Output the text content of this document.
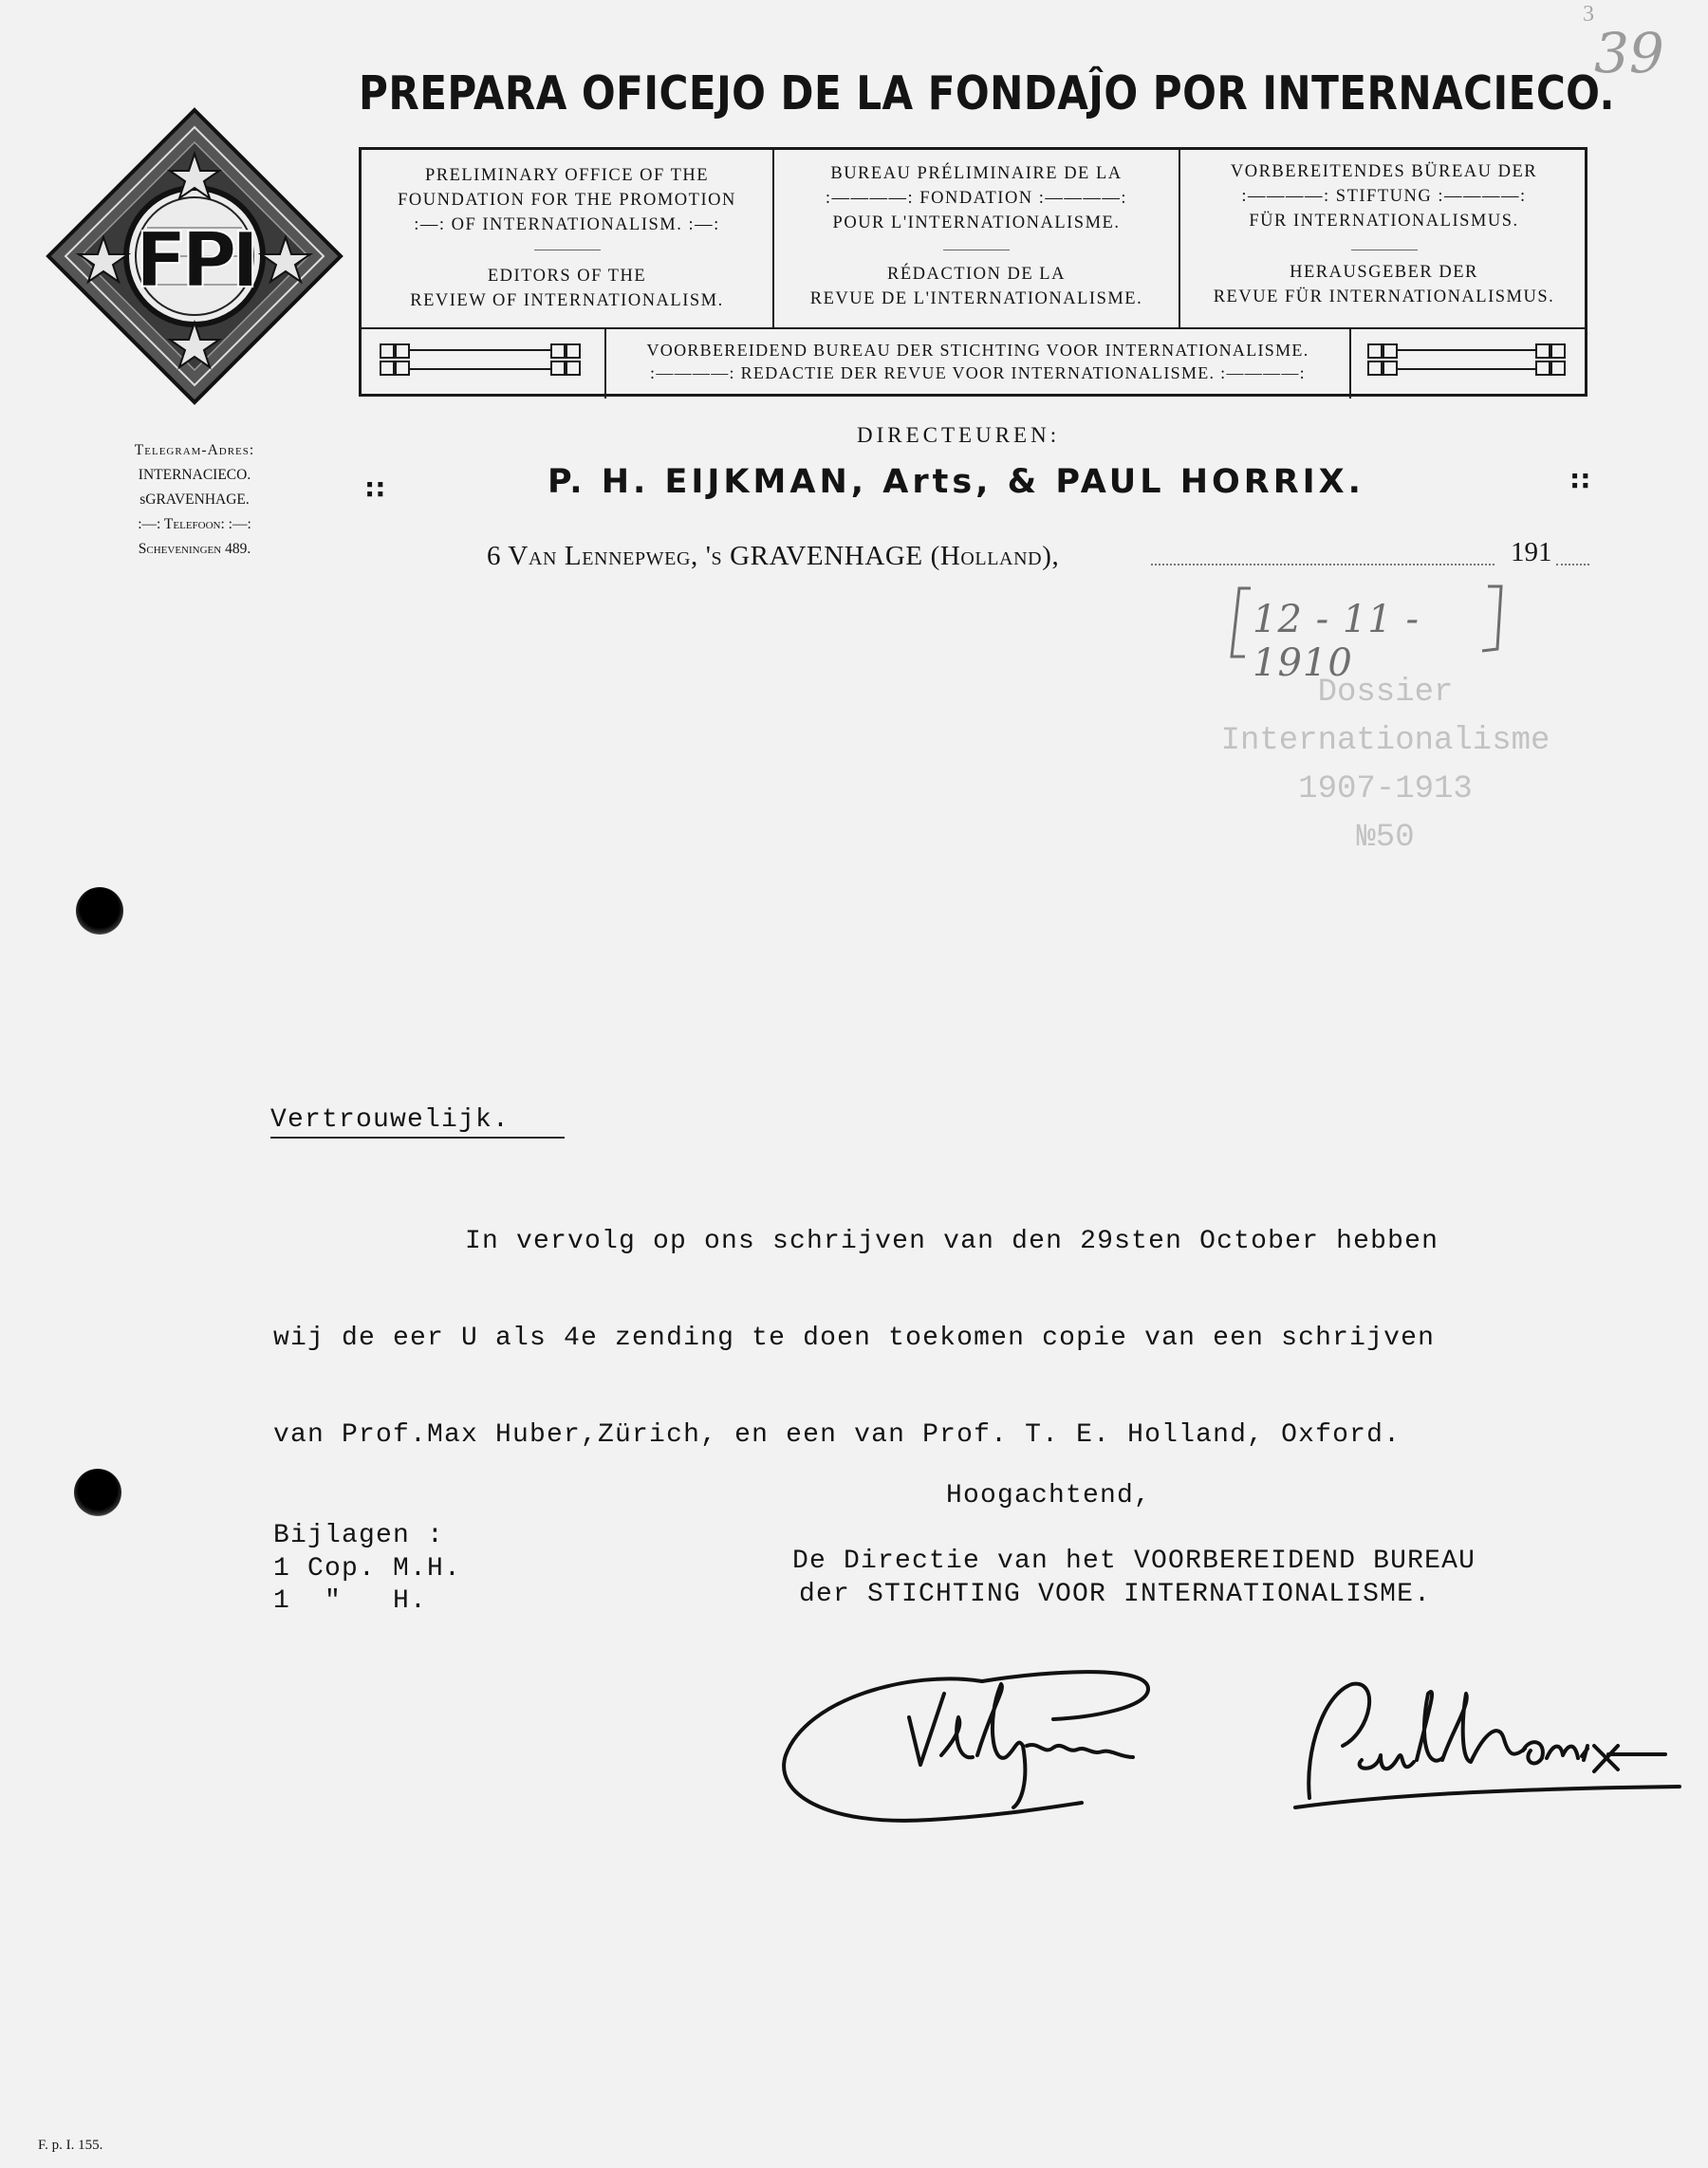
3
39
PREPARA OFICEJO DE LA FONDAĴO POR INTERNACIECO.
FPI
PRELIMINARY OFFICE OF THE
FOUNDATION FOR THE PROMOTION
:—: OF INTERNATIONALISM. :—:
EDITORS OF THE
REVIEW OF INTERNATIONALISM.
BUREAU PRÉLIMINAIRE DE LA
:————: FONDATION :————:
POUR L'INTERNATIONALISME.
RÉDACTION DE LA
REVUE DE L'INTERNATIONALISME.
VORBEREITENDES BÜREAU DER
:————: STIFTUNG :————:
FÜR INTERNATIONALISMUS.
HERAUSGEBER DER
REVUE FÜR INTERNATIONALISMUS.
VOORBEREIDEND BUREAU DER STICHTING VOOR INTERNATIONALISME.
:————: REDACTIE DER REVUE VOOR INTERNATIONALISME. :————:
Telegram-Adres:
INTERNACIECO.
sGRAVENHAGE.
:—: Telefoon: :—:
Scheveningen 489.
DIRECTEUREN:
::	P. H. EIJKMAN, Arts, & PAUL HORRIX.	::
6 Van Lennepweg, 's GRAVENHAGE (Holland),	191
12 - 11 - 1910
Dossier
Internationalisme
1907-1913
№50
Vertrouwelijk.
In vervolg op ons schrijven van den 29sten October hebben
wij de eer U als 4e zending te doen toekomen copie van een schrijven
van Prof.Max Huber,Zürich, en een van Prof. T. E. Holland, Oxford.
Hoogachtend,
Bijlagen :
1 Cop. M.H.
1  "   H.
De Directie van het VOORBEREIDEND BUREAU
der STICHTING VOOR INTERNATIONALISME.
F. p. I. 155.
